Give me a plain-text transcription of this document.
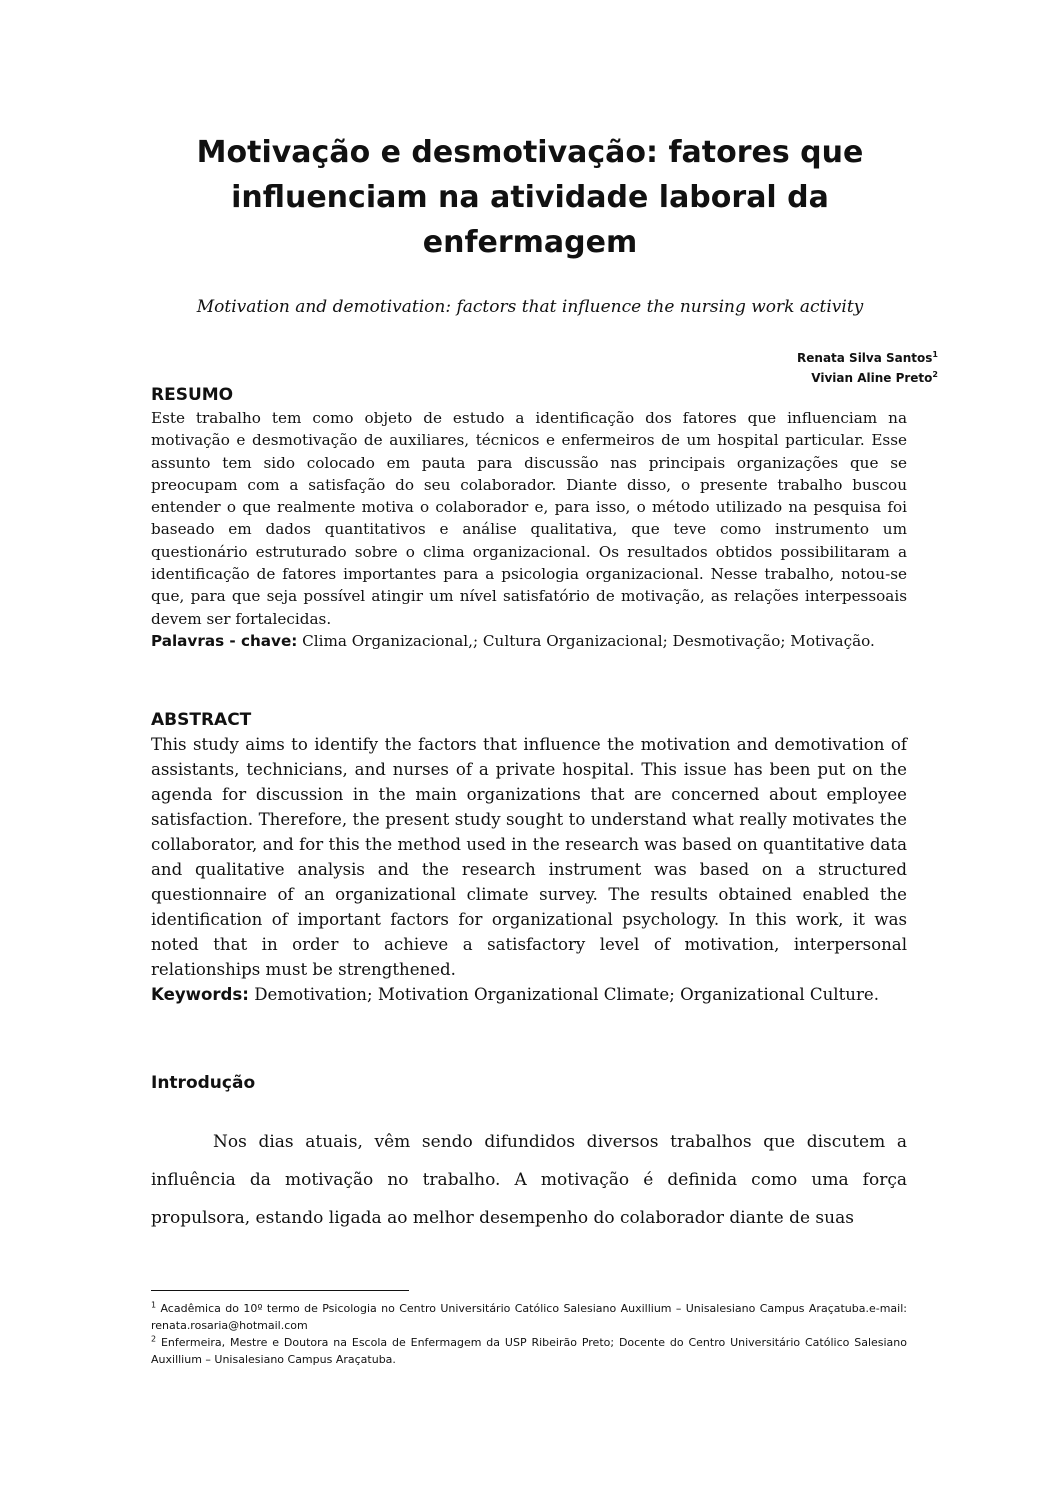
Motivação e desmotivação: fatores que influenciam na atividade laboral da enfermagem

Motivation and demotivation: factors that influence the nursing work activity

Renata Silva Santos$^1$
Vivian Aline Preto$^2$
RESUMO

Este trabalho tem como objeto de estudo a identificação dos fatores que influenciam na motivação e desmotivação de auxiliares, técnicos e enfermeiros de um hospital particular. Esse assunto tem sido colocado em pauta para discussão nas principais organizações que se preocupam com a satisfação do seu colaborador. Diante disso, o presente trabalho buscou entender o que realmente motiva o colaborador e, para isso, o método utilizado na pesquisa foi baseado em dados quantitativos e análise qualitativa, que teve como instrumento um questionário estruturado sobre o clima organizacional. Os resultados obtidos possibilitaram a identificação de fatores importantes para a psicologia organizacional. Nesse trabalho, notou-se que, para que seja possível atingir um nível satisfatório de motivação, as relações interpessoais devem ser fortalecidas.

Palavras - chave: Clima Organizacional,; Cultura Organizacional; Desmotivação; Motivação.

ABSTRACT

This study aims to identify the factors that influence the motivation and demotivation of assistants, technicians, and nurses of a private hospital. This issue has been put on the agenda for discussion in the main organizations that are concerned about employee satisfaction. Therefore, the present study sought to understand what really motivates the collaborator, and for this the method used in the research was based on quantitative data and qualitative analysis and the research instrument was based on a structured questionnaire of an organizational climate survey. The results obtained enabled the identification of important factors for organizational psychology. In this work, it was noted that in order to achieve a satisfactory level of motivation, interpersonal relationships must be strengthened.

Keywords: Demotivation; Motivation Organizational Climate; Organizational Culture.

Introdução

Nos dias atuais, vêm sendo difundidos diversos trabalhos que discutem a influência da motivação no trabalho. A motivação é definida como uma força propulsora, estando ligada ao melhor desempenho do colaborador diante de suas

$^1$ Acadêmica do 10º termo de Psicologia no Centro Universitário Católico Salesiano Auxillium – Unisalesiano Campus Araçatuba.e-mail: renata.rosaria@hotmail.com

$^2$ Enfermeira, Mestre e Doutora na Escola de Enfermagem da USP Ribeirão Preto; Docente do Centro Universitário Católico Salesiano Auxillium – Unisalesiano Campus Araçatuba.
